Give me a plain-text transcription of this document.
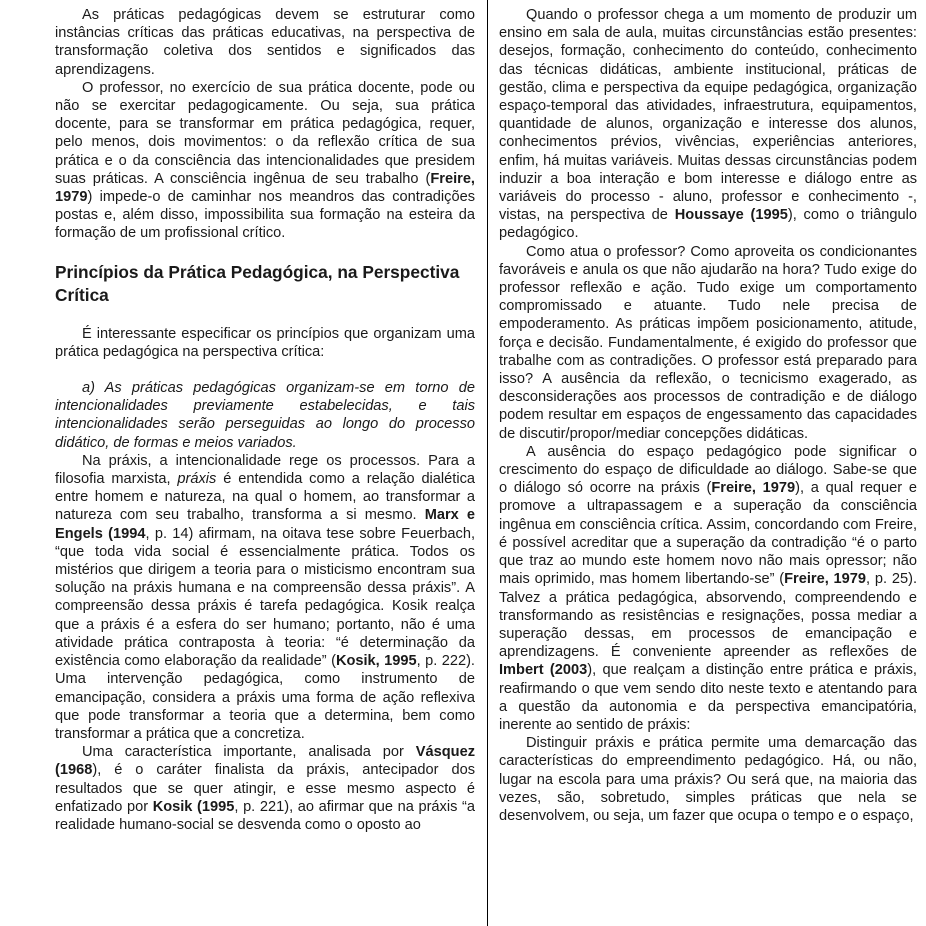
As práticas pedagógicas devem se estruturar como instâncias críticas das práticas educativas, na perspectiva de transformação coletiva dos sentidos e significados das aprendizagens.

O professor, no exercício de sua prática docente, pode ou não se exercitar pedagogicamente. Ou seja, sua prática docente, para se transformar em prática pedagógica, requer, pelo menos, dois movimentos: o da reflexão crítica de sua prática e o da consciência das intencionalidades que presidem suas práticas. A consciência ingênua de seu trabalho (Freire, 1979) impede-o de caminhar nos meandros das contradições postas e, além disso, impossibilita sua formação na esteira da formação de um profissional crítico.

Princípios da Prática Pedagógica, na Perspectiva Crítica

É interessante especificar os princípios que organizam uma prática pedagógica na perspectiva crítica:

a) As práticas pedagógicas organizam-se em torno de intencionalidades previamente estabelecidas, e tais intencionalidades serão perseguidas ao longo do processo didático, de formas e meios variados.

Na práxis, a intencionalidade rege os processos. Para a filosofia marxista, práxis é entendida como a relação dialética entre homem e natureza, na qual o homem, ao transformar a natureza com seu trabalho, transforma a si mesmo. Marx e Engels (1994, p. 14) afirmam, na oitava tese sobre Feuerbach, “que toda vida social é essencialmente prática. Todos os mistérios que dirigem a teoria para o misticismo encontram sua solução na práxis humana e na compreensão dessa práxis”. A compreensão dessa práxis é tarefa pedagógica. Kosik realça que a práxis é a esfera do ser humano; portanto, não é uma atividade prática contraposta à teoria: “é determinação da existência como elaboração da realidade” (Kosik, 1995, p. 222). Uma intervenção pedagógica, como instrumento de emancipação, considera a práxis uma forma de ação reflexiva que pode transformar a teoria que a determina, bem como transformar a prática que a concretiza.

Uma característica importante, analisada por Vásquez (1968), é o caráter finalista da práxis, antecipador dos resultados que se quer atingir, e esse mesmo aspecto é enfatizado por Kosik (1995, p. 221), ao afirmar que na práxis “a realidade humano-social se desvenda como o oposto ao

Quando o professor chega a um momento de produzir um ensino em sala de aula, muitas circunstâncias estão presentes: desejos, formação, conhecimento do conteúdo, conhecimento das técnicas didáticas, ambiente institucional, práticas de gestão, clima e perspectiva da equipe pedagógica, organização espaço-temporal das atividades, infraestrutura, equipamentos, quantidade de alunos, organização e interesse dos alunos, conhecimentos prévios, vivências, experiências anteriores, enfim, há muitas variáveis. Muitas dessas circunstâncias podem induzir a boa interação e bom interesse e diálogo entre as variáveis do processo - aluno, professor e conhecimento -, vistas, na perspectiva de Houssaye (1995), como o triângulo pedagógico.

Como atua o professor? Como aproveita os condicionantes favoráveis e anula os que não ajudarão na hora? Tudo exige do professor reflexão e ação. Tudo exige um comportamento compromissado e atuante. Tudo nele precisa de empoderamento. As práticas impõem posicionamento, atitude, força e decisão. Fundamentalmente, é exigido do professor que trabalhe com as contradições. O professor está preparado para isso? A ausência da reflexão, o tecnicismo exagerado, as desconsiderações aos processos de contradição e de diálogo podem resultar em espaços de engessamento das capacidades de discutir/propor/mediar concepções didáticas.

A ausência do espaço pedagógico pode significar o crescimento do espaço de dificuldade ao diálogo. Sabe-se que o diálogo só ocorre na práxis (Freire, 1979), a qual requer e promove a ultrapassagem e a superação da consciência ingênua em consciência crítica. Assim, concordando com Freire, é possível acreditar que a superação da contradição “é o parto que traz ao mundo este homem novo não mais opressor; não mais oprimido, mas homem libertando-se” (Freire, 1979, p. 25). Talvez a prática pedagógica, absorvendo, compreendendo e transformando as resistências e resignações, possa mediar a superação dessas, em processos de emancipação e aprendizagens. É conveniente apreender as reflexões de Imbert (2003), que realçam a distinção entre prática e práxis, reafirmando o que vem sendo dito neste texto e atentando para a questão da autonomia e da perspectiva emancipatória, inerente ao sentido de práxis:

Distinguir práxis e prática permite uma demarcação das características do empreendimento pedagógico. Há, ou não, lugar na escola para uma práxis? Ou será que, na maioria das vezes, são, sobretudo, simples práticas que nela se desenvolvem, ou seja, um fazer que ocupa o tempo e o espaço,
